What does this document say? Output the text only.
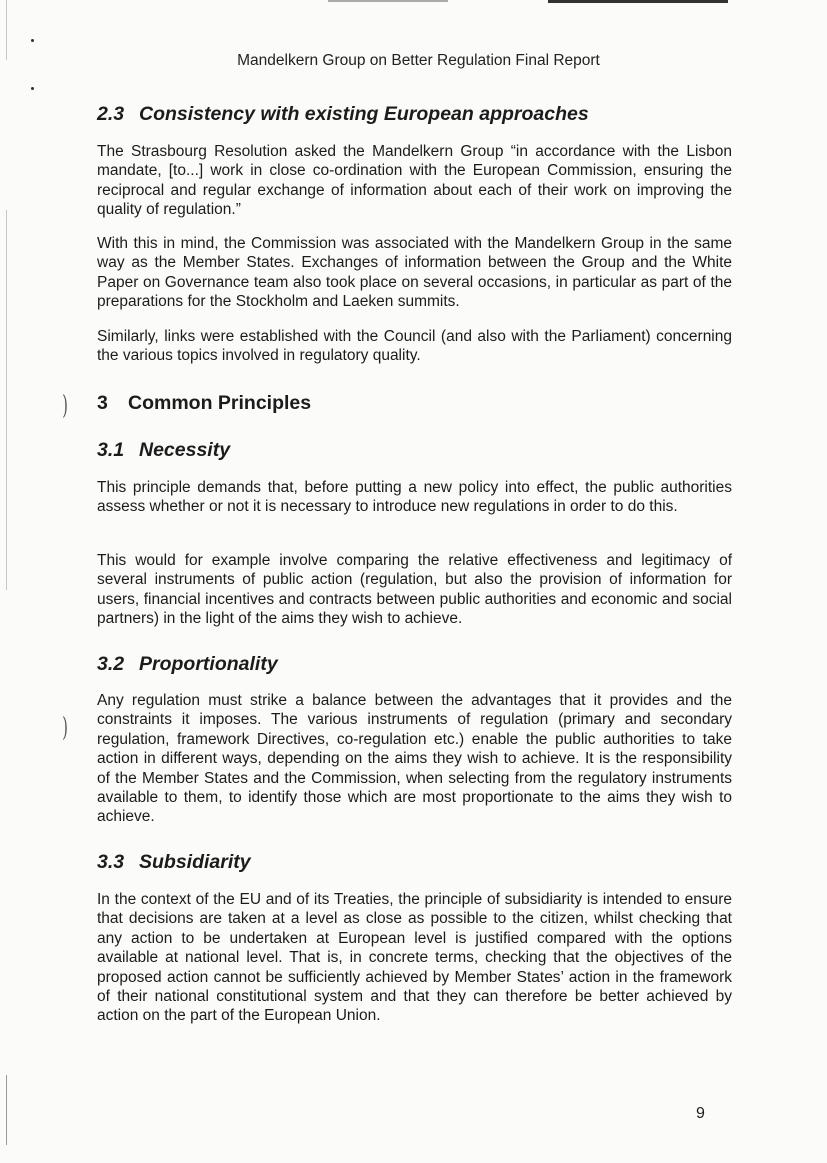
)
)
Mandelkern Group on Better Regulation Final Report
2.3 Consistency with existing European approaches

The Strasbourg Resolution asked the Mandelkern Group “in accordance with the Lisbon mandate, [to...] work in close co-ordination with the European Commission, ensuring the reciprocal and regular exchange of information about each of their work on improving the quality of regulation.”

With this in mind, the Commission was associated with the Mandelkern Group in the same way as the Member States. Exchanges of information between the Group and the White Paper on Governance team also took place on several occasions, in particular as part of the preparations for the Stockholm and Laeken summits.

Similarly, links were established with the Council (and also with the Parliament) concerning the various topics involved in regulatory quality.

3 Common Principles
3.1 Necessity

This principle demands that, before putting a new policy into effect, the public authorities assess whether or not it is necessary to introduce new regulations in order to do this.

This would for example involve comparing the relative effectiveness and legitimacy of several instruments of public action (regulation, but also the provision of information for users, financial incentives and contracts between public authorities and economic and social partners) in the light of the aims they wish to achieve.

3.2 Proportionality

Any regulation must strike a balance between the advantages that it provides and the constraints it imposes. The various instruments of regulation (primary and secondary regulation, framework Directives, co-regulation etc.) enable the public authorities to take action in different ways, depending on the aims they wish to achieve. It is the responsibility of the Member States and the Commission, when selecting from the regulatory instruments available to them, to identify those which are most proportionate to the aims they wish to achieve.

3.3 Subsidiarity

In the context of the EU and of its Treaties, the principle of subsidiarity is intended to ensure that decisions are taken at a level as close as possible to the citizen, whilst checking that any action to be undertaken at European level is justified compared with the options available at national level. That is, in concrete terms, checking that the objectives of the proposed action cannot be sufficiently achieved by Member States’ action in the framework of their national constitutional system and that they can therefore be better achieved by action on the part of the European Union.

9
